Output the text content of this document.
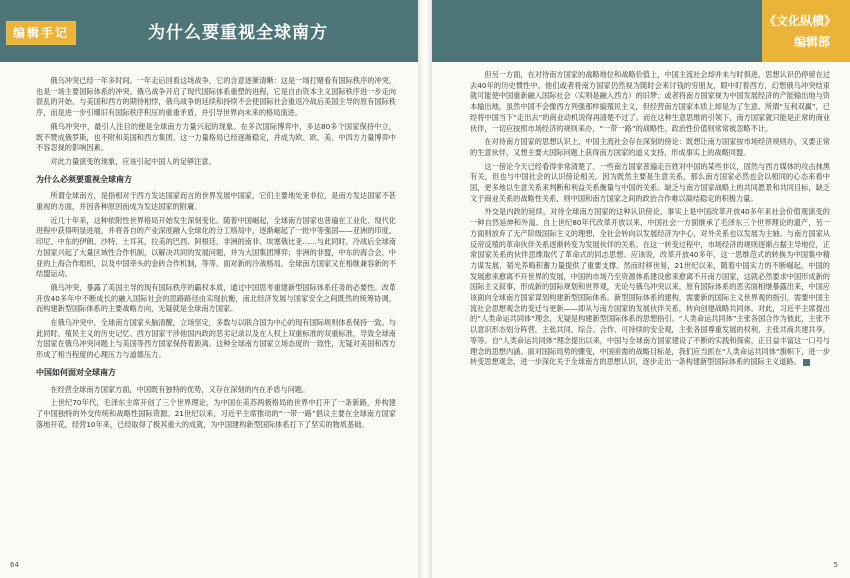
编辑手记	为什么要重视全球南方

俄乌冲突已经一年多时间。一年走后回看这场战争，它的含意逐渐清晰：这是一场打赌看有国际秩序的冲突。也是一场主要国际体系的冲突。俄乌战争开启了现代国际体系重塑的进程，它是自由资本主义国际秩序进一步走向混乱的开始。与美国和西方的期待相悖，俄乌战争的延续和持续不会使国际社会重返冷战后美国主导的原有国际秩序，而是进一步引爆旧有国际秩序积压的重重矛盾，并引导世界向未来的格局演进。

俄乌冲突中，最引人注目的便是全球南方力量兴起的现象。在多次国际博弈中，多达80多个国家保持中立，既不赞成俄罗斯，也不附和美国和西方集团。这一力量格局已经逐渐稳定，并成为欧、欧、美、中四方力量博弈中不容忽视的影响因素。

对此力量演变的现象，应该引起中国人的足够注意。

为什么必须要重视全球南方

所谓全球南方，是指相对于西方发达国家而言的世界发展中国家，它们主要地处亚非拉，是南方发达国家不甚重视的方面，并因各种原因而成为发达国家的附庸。

近几十年来，这种依附性世界格局开始发生深刻变化。随着中国崛起，全球南方国家也普遍在工业化、现代化进程中获得明显进展，并将各自的产业深度融入全球化的分工格局中，逐渐崛起了一批中等强国——亚洲的印度、印尼、中东的伊朗、沙特、土耳其，拉美的巴西、阿根廷，非洲的南非、埃塞俄比亚……与此同时，冷战后全球南方国家兴起了大量区域性合作机制，以解决共同的发展问题，并为大国集团博弈；非洲的非盟，中东的海合会，中亚的上海合作组织，以及中国牵头的金砖合作机制，等等。面对新的冷战格局，全球南方国家又在相继兼容新的不结盟运动。

俄乌冲突，暴露了美国主导的现有国际秩序的霸权本质，通过中国思考重建新型国际体系任务的必要性。改革开放40多年中不断成长的融入国际社会的思路路径由实现抗衡，南北经济发展与国家安全之间既然的统筹协调。而构建新型国际体系的主要战略方向，无疑就是全球南方国家。

在俄乌冲突中，全球南方国家头脑清醒，立场坚定，多数与以联合国为中心的现有国际规则体系保持一致。与此同时，殖民主义的历史记忆、西方国家干涉他国内政的恶劣记录以及在人权上双重标准的双重标准，导致全球南方国家在俄乌冲突问题上与美国等西方国家保持着距离。这种全球南方国家立场态度的一致性，无疑对美国和西方形成了相当程度的心理压力与道德压力。

中国如何面对全球南方

在经营全球南方国家方面，中国既有独特的优势，又存在深刻的内在矛盾与问题。

上世纪70年代，毛泽东主席开创了三个世界理论，为中国在美苏两极格局的世界中打开了一条新路，并构建了中国独特的外交传统和战略性国际资源。21世纪以来，习近平主席推动的“一带一路”倡议主要在全球南方国家落地开花，经营10年来，已经取得了极其重大的成就，为中国建构新型国际体系打下了坚实的物质基础。

64
《文化纵横》
编辑部

但另一方面，在对待南方国家的战略地位和战略价值上，中国主流社会却并未与时俱进，思想认识仍停留在过去40年的历史惯性中。他们或者将南方国家仍然视为随时会来讨钱的穷朋友，眼中盯着西方，幻想俄乌冲突结束就可能使中国重新融入国际社会（实则是融入西方）的旧梦；或者将南方国家视为中国发展经济的产能输出地与资本输出地，虽然中国不会像西方列强那样搞殖民主义，但经营南方国家本质上却是为了生意。所谓“互利双赢”，已经将中国当下“走出去”的商业动机说得再清楚不过了。而在这种生意思维的引领下，南方国家就只能是正常的商业伙伴，一切应按照市场经济的规则来办，“一带一路”的战略性、政治性价值则常常被忽略不计。

在对待南方国家的思想认识上，中国主流社会存在深刻的傍论：既想让南方国家按市场经济规则办，又要正常的生意伙伴，又想主要大国际问题上获得南方国家的道义支持，形成事实上的战略同盟。

这一傍论今天已经看得非常清楚了。一些南方国家普遍走百姓对中国的某些非议，固然与西方媒体的攻击抹黑有关，但也与中国社会的认识傍论相关。因为既然主要是生意关系，那么南方国家必然也会以相同的心态来看中国，更多地以生意关系来判断和利益关系衡量与中国的关系。缺乏与南方国家战略上的共同愿景和共同目标，缺乏文于商业关系的战略性关系，则中国和南方国家之间的政治合作难以凝结稳定的积极力量。

外交是内政的延续，对待全球南方国家的这种认识傍论，事实上是中国改革开放40多年来社会价值观演变的一种自然延伸和外溢。自上世纪80年代改革开放以来，中国社会一方面继承了毛泽东三个世界理论的遗产，另一方面则放弃了无产阶级国际主义的理想，全社会转向以发展经济为中心，对外关系也以发展为主轴。与南方国家从反帝反殖的革命伙伴关系逐渐转变为发展伙伴的关系。在这一转变过程中，市场经济的规则逐渐占据主导地位，正常国家关系的伙伴思维取代了革命式的同志思想。应该说，改革开放40多年，这一思维范式的转换为中国集中精力谋发展、韬光养晦积蓄力量提供了重要支撑。然而时移世易，21世纪以来，随着中国实力的不断崛起，中国的发展愈来愈离不开世界的发展，中国的市场乃至资源体系建设愈来愈离不开南方国家，这就必然要求中国形成新的国际主义叙事，形成新的国际规划和世界观，无论与俄乌冲突以来，原有国际体系的恶劣面相继暴露出来，中国应该面向全球南方国家谋划构建新型国际体系。新型国际体系的建构，需要新的国际主义世界观的指引，需要中国主流社会思想观念的变迁与更新——即从与南方国家的发展伙伴关系，转向创建战略共同体。对此，习近平主席提出的“人类命运共同体”理念，无疑是构建新型国际体系的思想指引。“人类命运共同体”主张各国合作为彼此，主张不以意识形态划分阵营，主张共同、综合、合作、可持续的安全观，主张各国尊重发展的权利，主张共商共建共享，等等。自“人类命运共同体”理念提出以来，中国与全球南方国家建设了不断的实践和探索，正日益丰富这一口号与理念的思想内涵。面对国际局势的骤变，中国亟需的战略目标是，我们应当抓在“人类命运共同体”旗帜下，进一步转变思想观念，进一步深化关于全球南方的思想认识，逐步走出一条构建新型国际体系的国际主义道路。

5
